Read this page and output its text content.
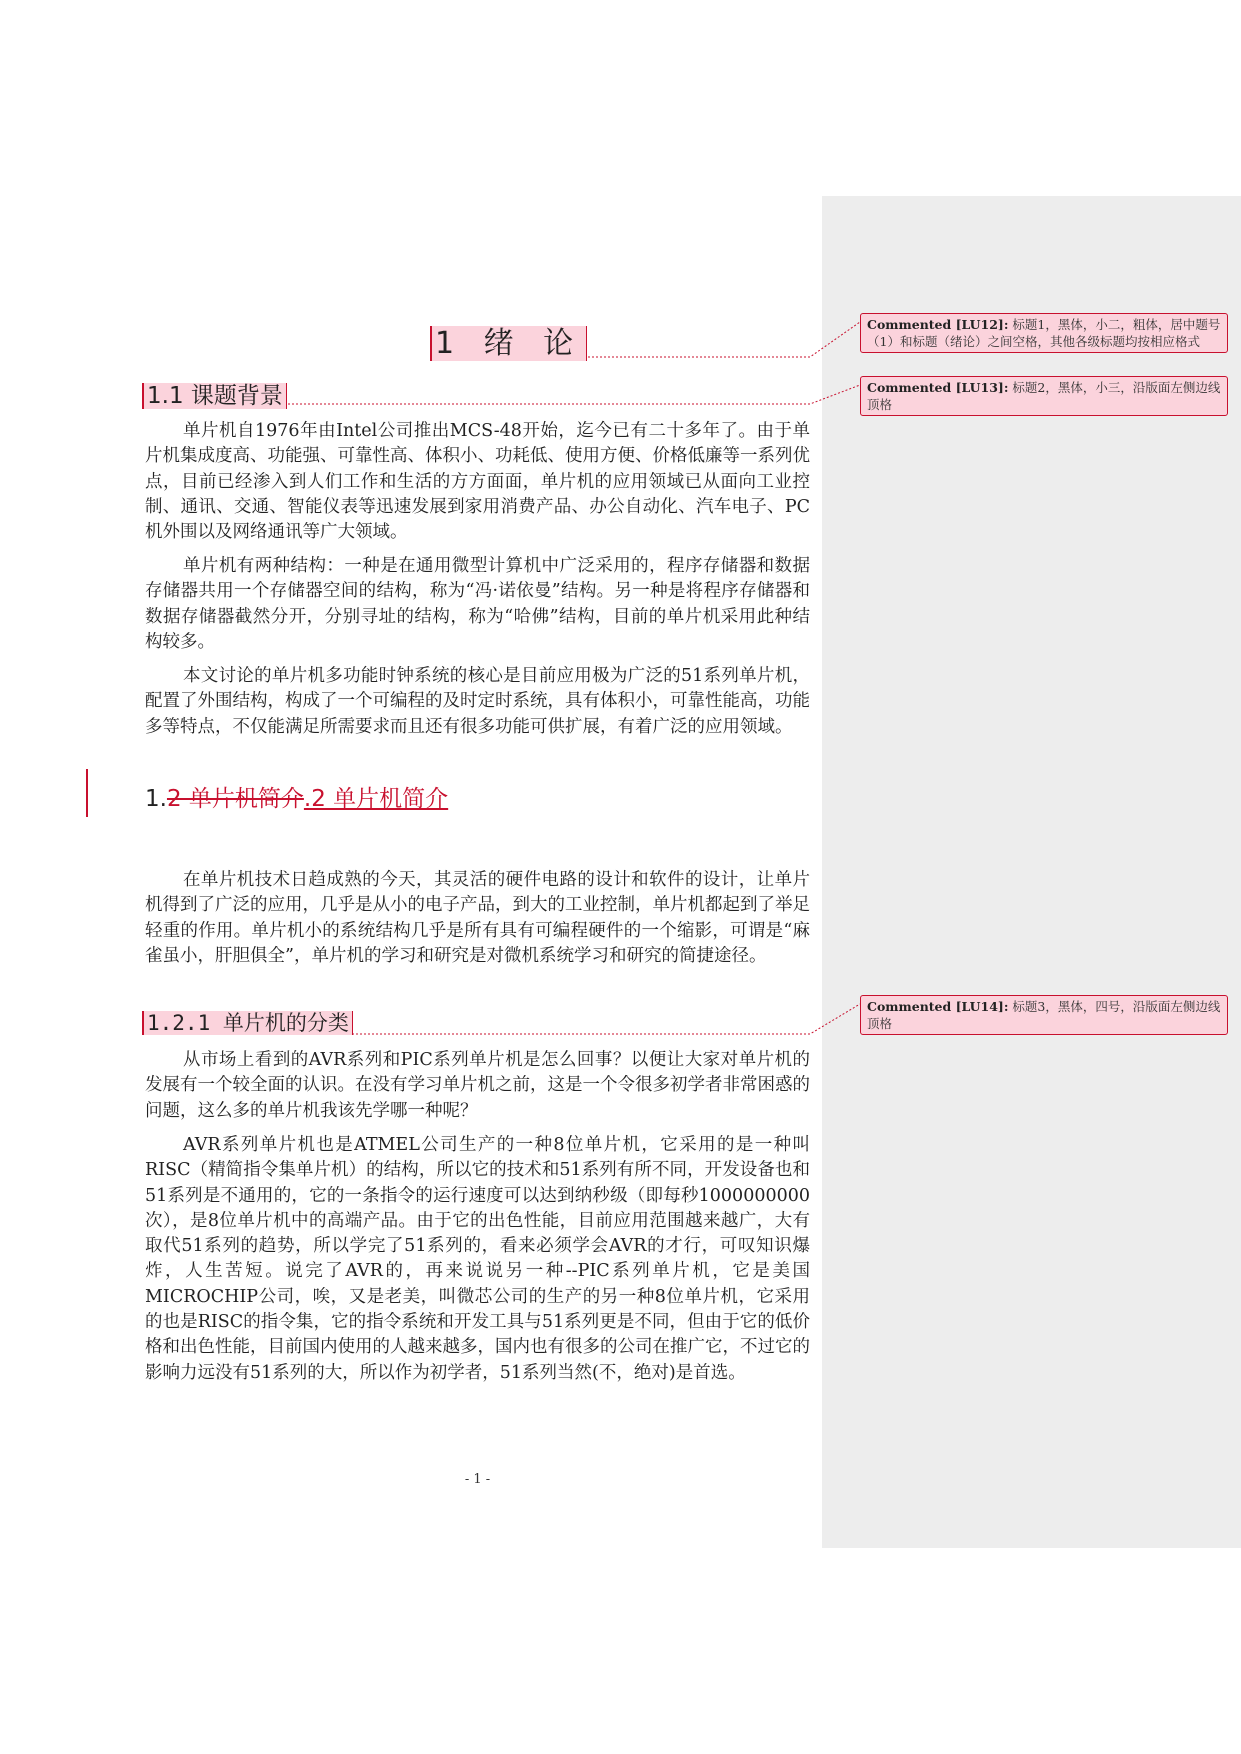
1 绪 论
1.1 课题背景

单片机自1976年由Intel公司推出MCS-48开始，迄今已有二十多年了。由于单片机集成度高、功能强、可靠性高、体积小、功耗低、使用方便、价格低廉等一系列优点，目前已经渗入到人们工作和生活的方方面面，单片机的应用领域已从面向工业控制、通讯、交通、智能仪表等迅速发展到家用消费产品、办公自动化、汽车电子、PC机外围以及网络通讯等广大领域。

单片机有两种结构：一种是在通用微型计算机中广泛采用的，程序存储器和数据存储器共用一个存储器空间的结构，称为“冯·诺依曼”结构。另一种是将程序存储器和数据存储器截然分开，分别寻址的结构，称为“哈佛”结构，目前的单片机采用此种结构较多。

本文讨论的单片机多功能时钟系统的核心是目前应用极为广泛的51系列单片机，配置了外围结构，构成了一个可编程的及时定时系统，具有体积小，可靠性能高，功能多等特点，不仅能满足所需要求而且还有很多功能可供扩展，有着广泛的应用领域。

1.2 单片机简介.2 单片机简介

在单片机技术日趋成熟的今天，其灵活的硬件电路的设计和软件的设计，让单片机得到了广泛的应用，几乎是从小的电子产品，到大的工业控制，单片机都起到了举足轻重的作用。单片机小的系统结构几乎是所有具有可编程硬件的一个缩影，可谓是“麻雀虽小，肝胆俱全”，单片机的学习和研究是对微机系统学习和研究的简捷途径。

1.2.1 单片机的分类

从市场上看到的AVR系列和PIC系列单片机是怎么回事？以便让大家对单片机的发展有一个较全面的认识。在没有学习单片机之前，这是一个令很多初学者非常困惑的问题，这么多的单片机我该先学哪一种呢？

AVR系列单片机也是ATMEL公司生产的一种8位单片机，它采用的是一种叫RISC（精简指令集单片机）的结构，所以它的技术和51系列有所不同，开发设备也和51系列是不通用的，它的一条指令的运行速度可以达到纳秒级（即每秒1000000000次），是8位单片机中的高端产品。由于它的出色性能，目前应用范围越来越广，大有取代51系列的趋势，所以学完了51系列的，看来必须学会AVR的才行，可叹知识爆炸，人生苦短。说完了AVR的，再来说说另一种--PIC系列单片机，它是美国MICROCHIP公司，唉，又是老美，叫微芯公司的生产的另一种8位单片机，它采用的也是RISC的指令集，它的指令系统和开发工具与51系列更是不同，但由于它的低价格和出色性能，目前国内使用的人越来越多，国内也有很多的公司在推广它，不过它的影响力远没有51系列的大，所以作为初学者，51系列当然(不，绝对)是首选。

- 1 -
Commented [LU12]: 标题1，黑体，小二，粗体，居中题号（1）和标题（绪论）之间空格，其他各级标题均按相应格式
Commented [LU13]: 标题2，黑体，小三，沿版面左侧边线顶格
Commented [LU14]: 标题3，黑体，四号，沿版面左侧边线顶格
